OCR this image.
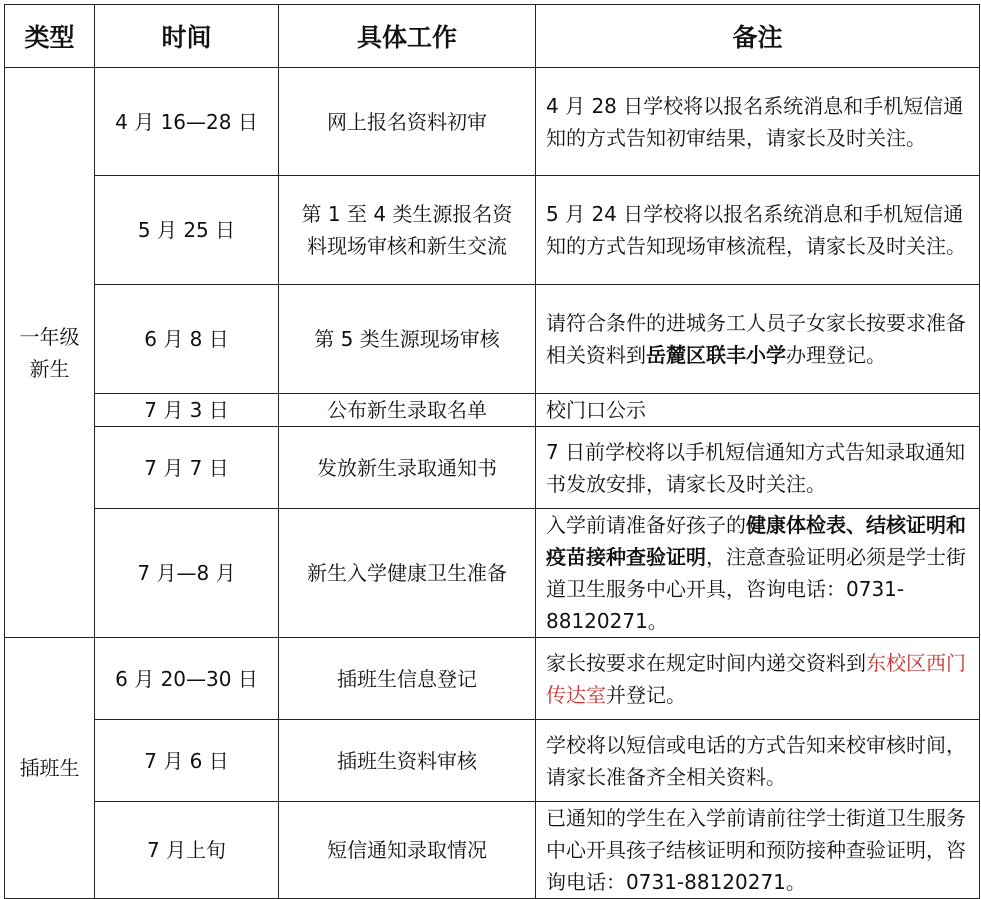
类型	时间	具体工作	备注

一年级新生	4 月 16—28 日	网上报名资料初审	4 月 28 日学校将以报名系统消息和手机短信通知的方式告知初审结果，请家长及时关注。
	5 月 25 日	第 1 至 4 类生源报名资料现场审核和新生交流	5 月 24 日学校将以报名系统消息和手机短信通知的方式告知现场审核流程，请家长及时关注。
	6 月 8 日	第 5 类生源现场审核	请符合条件的进城务工人员子女家长按要求准备相关资料到岳麓区联丰小学办理登记。
	7 月 3 日	公布新生录取名单	校门口公示
	7 月 7 日	发放新生录取通知书	7 日前学校将以手机短信通知方式告知录取通知书发放安排，请家长及时关注。
	7 月—8 月	新生入学健康卫生准备	入学前请准备好孩子的健康体检表、结核证明和疫苗接种查验证明，注意查验证明必须是学士街道卫生服务中心开具，咨询电话：0731-88120271。
插班生	6 月 20—30 日	插班生信息登记	家长按要求在规定时间内递交资料到东校区西门传达室并登记。
	7 月 6 日	插班生资料审核	学校将以短信或电话的方式告知来校审核时间，请家长准备齐全相关资料。
	7 月上旬	短信通知录取情况	已通知的学生在入学前请前往学士街道卫生服务中心开具孩子结核证明和预防接种查验证明，咨询电话：0731-88120271。
